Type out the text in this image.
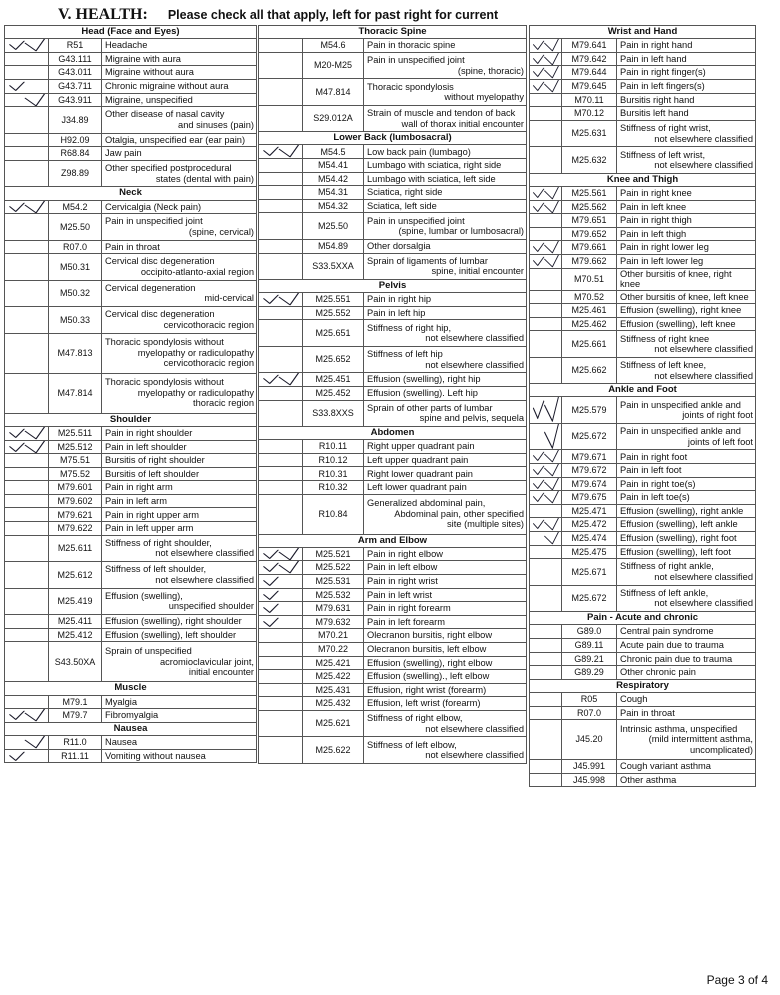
V. HEALTH: Please check all that apply, left for past right for current
Head (Face and Eyes)		

	R51	Headache

	G43.111	Migraine with aura

	G43.011	Migraine without aura

	G43.711	Chronic migraine without aura

	G43.911	Migraine, unspecified

	J34.89	Other disease of nasal cavity
and sinuses (pain)

	H92.09	Otalgia, unspecified ear (ear pain)

	R68.84	Jaw pain

	Z98.89	Other specified postprocedural
states (dental with pain)

Neck		

	M54.2	Cervicalgia (Neck pain)

	M25.50	Pain in unspecified joint
(spine, cervical)

	R07.0	Pain in throat

	M50.31	Cervical disc degeneration
occipito-atlanto-axial region

	M50.32	Cervical degeneration
mid-cervical

	M50.33	Cervical disc degeneration
cervicothoracic region

	M47.813	Thoracic spondylosis without
myelopathy or radiculopathy
cervicothoracic region

	M47.814	Thoracic spondylosis without
myelopathy or radiculopathy
thoracic region

Shoulder		

	M25.511	Pain in right shoulder

	M25.512	Pain in left shoulder

	M75.51	Bursitis of right shoulder

	M75.52	Bursitis of left shoulder

	M79.601	Pain in right arm

	M79.602	Pain in left arm

	M79.621	Pain in right upper arm

	M79.622	Pain in left upper arm

	M25.611	Stiffness of right shoulder,
not elsewhere classified

	M25.612	Stiffness of left shoulder,
not elsewhere classified

	M25.419	Effusion (swelling),
unspecified shoulder

	M25.411	Effusion (swelling), right shoulder

	M25.412	Effusion (swelling), left shoulder

	S43.50XA	Sprain of unspecified
acromioclavicular joint,
initial encounter

Muscle		
	M79.1	Myalgia

	M79.7	Fibromyalgia

Nausea		

	R11.0	Nausea

	R11.11	Vomiting without nausea
Thoracic Spine		
	M54.6	Pain in thoracic spine

	M20-M25	Pain in unspecified joint
(spine, thoracic)

	M47.814	Thoracic spondylosis
without myelopathy

	S29.012A	Strain of muscle and tendon of back
wall of thorax initial encounter

Lower Back (lumbosacral)		

	M54.5	Low back pain (lumbago)

	M54.41	Lumbago with sciatica, right side

	M54.42	Lumbago with sciatica, left side

	M54.31	Sciatica, right side

	M54.32	Sciatica, left side

	M25.50	Pain in unspecified joint
(spine, lumbar or lumbosacral)

	M54.89	Other dorsalgia

	S33.5XXA	Sprain of ligaments of lumbar
spine, initial encounter

Pelvis		

	M25.551	Pain in right hip

	M25.552	Pain in left hip

	M25.651	Stiffness of right hip,
not elsewhere classified

	M25.652	Stiffness of left hip
not elsewhere classified

	M25.451	Effusion (swelling), right hip

	M25.452	Effusion (swelling). Left hip

	S33.8XXS	Sprain of other parts of lumbar
spine and pelvis, sequela

Abdomen		
	R10.11	Right upper quadrant pain

	R10.12	Left upper quadrant pain

	R10.31	Right lower quadrant pain

	R10.32	Left lower quadrant pain

	R10.84	Generalized abdominal pain,
Abdominal pain, other specified
site (multiple sites)

Arm and Elbow		

	M25.521	Pain in right elbow

	M25.522	Pain in left elbow

	M25.531	Pain in right wrist

	M25.532	Pain in left wrist

	M79.631	Pain in right forearm

	M79.632	Pain in left forearm

	M70.21	Olecranon bursitis, right elbow

	M70.22	Olecranon bursitis, left elbow

	M25.421	Effusion (swelling), right elbow

	M25.422	Effusion (swelling)., left elbow

	M25.431	Effusion, right wrist (forearm)

	M25.432	Effusion, left wrist (forearm)

	M25.621	Stiffness of right elbow,
not elsewhere classified

	M25.622	Stiffness of left elbow,
not elsewhere classified
Wrist and Hand		

	M79.641	Pain in right hand

	M79.642	Pain in left hand

	M79.644	Pain in right finger(s)

	M79.645	Pain in left fingers(s)

	M70.11	Bursitis right hand

	M70.12	Bursitis left hand

	M25.631	Stiffness of right wrist,
not elsewhere classified

	M25.632	Stiffness of left wrist,
not elsewhere classified

Knee and Thigh		

	M25.561	Pain in right knee

	M25.562	Pain in left knee

	M79.651	Pain in right thigh

	M79.652	Pain in left thigh

	M79.661	Pain in right lower leg

	M79.662	Pain in left lower leg

	M70.51	Other bursitis of knee, right knee

	M70.52	Other bursitis of knee, left knee

	M25.461	Effusion (swelling), right knee

	M25.462	Effusion (swelling), left knee

	M25.661	Stiffness of right knee
not elsewhere classified

	M25.662	Stiffness of left knee,
not elsewhere classified

Ankle and Foot		

	M25.579	Pain in unspecified ankle and
joints of right foot

	M25.672	Pain in unspecified ankle and
joints of left foot

	M79.671	Pain in right foot

	M79.672	Pain in left foot

	M79.674	Pain in right toe(s)

	M79.675	Pain in left toe(s)

	M25.471	Effusion (swelling), right ankle

	M25.472	Effusion (swelling), left ankle

	M25.474	Effusion (swelling), right foot

	M25.475	Effusion (swelling), left foot

	M25.671	Stiffness of right ankle,
not elsewhere classified

	M25.672	Stiffness of left ankle,
not elsewhere classified

Pain - Acute and chronic		
	G89.0	Central pain syndrome

	G89.11	Acute pain due to trauma

	G89.21	Chronic pain due to trauma

	G89.29	Other chronic pain

Respiratory		
	R05	Cough

	R07.0	Pain in throat

	J45.20	Intrinsic asthma, unspecified
(mild intermittent asthma,
uncomplicated)

	J45.991	Cough variant asthma

	J45.998	Other asthma
Page 3 of 4
